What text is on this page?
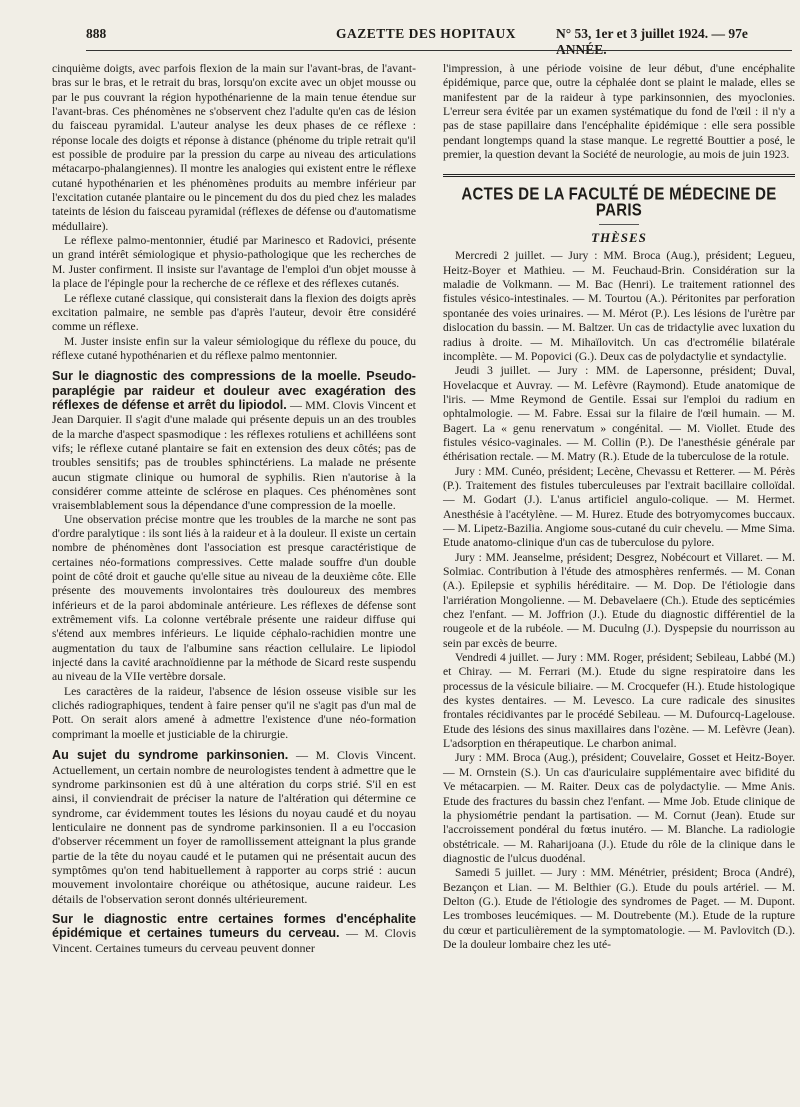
888	GAZETTE DES HOPITAUX	N° 53, 1er et 3 juillet 1924. — 97e ANNÉE.

cinquième doigts, avec parfois flexion de la main sur l'avant-bras, de l'avant-bras sur le bras, et le retrait du bras, lorsqu'on excite avec un objet mousse ou par le pus couvrant la région hypothénarienne de la main tenue étendue sur l'avant-bras. Ces phénomènes ne s'observent chez l'adulte qu'en cas de lésion du faisceau pyramidal. L'auteur analyse les deux phases de ce réflexe : réponse locale des doigts et réponse à distance (phénome du triple retrait qu'il est possible de produire par la pression du carpe au niveau des articulations métacarpo-phalangiennes). Il montre les analogies qui existent entre le réflexe cutané hypothénarien et les phénomènes produits au membre inférieur par l'excitation cutanée plantaire ou le pincement du dos du pied chez les malades tateints de lésion du faisceau pyramidal (réflexes de défense ou d'automatisme médullaire).

Le réflexe palmo-mentonnier, étudié par Marinesco et Radovici, présente un grand intérêt sémiologique et physio-pathologique que les recherches de M. Juster confirment. Il insiste sur l'avantage de l'emploi d'un objet mousse à la place de l'épingle pour la recherche de ce réflexe et des réflexes cutanés.

Le réflexe cutané classique, qui consisterait dans la flexion des doigts après excitation palmaire, ne semble pas d'après l'auteur, devoir être considéré comme un réflexe.

M. Juster insiste enfin sur la valeur sémiologique du réflexe du pouce, du réflexe cutané hypothénarien et du réflexe palmo mentonnier.

Sur le diagnostic des compressions de la moelle. Pseudo-paraplégie par raideur et douleur avec exagération des réflexes de défense et arrêt du lipiodol. — MM. Clovis Vincent et Jean Darquier. Il s'agit d'une malade qui présente depuis un an des troubles de la marche d'aspect spasmodique : les réflexes rotuliens et achilléens sont vifs; le réflexe cutané plantaire se fait en extension des deux côtés; pas de troubles sensitifs; pas de troubles sphinctériens. La malade ne présente aucun stigmate clinique ou humoral de syphilis. Rien n'autorise à la considérer comme atteinte de sclérose en plaques. Ces phénomènes sont vraisemblablement sous la dépendance d'une compression de la moelle.

Une observation précise montre que les troubles de la marche ne sont pas d'ordre paralytique : ils sont liés à la raideur et à la douleur. Il existe un certain nombre de phénomènes dont l'association est presque caractéristique de certaines néo-formations compressives. Cette malade souffre d'un double point de côté droit et gauche qu'elle situe au niveau de la deuxième côte. Elle présente des mouvements involontaires très douloureux des membres inférieurs et de la paroi abdominale antérieure. Les réflexes de défense sont extrêmement vifs. La colonne vertébrale présente une raideur diffuse qui s'étend aux membres inférieurs. Le liquide céphalo-rachidien montre une augmentation du taux de l'albumine sans réaction cellulaire. Le lipiodol injecté dans la cavité arachnoïdienne par la méthode de Sicard reste suspendu au niveau de la VIIe vertèbre dorsale.

Les caractères de la raideur, l'absence de lésion osseuse visible sur les clichés radiographiques, tendent à faire penser qu'il ne s'agit pas d'un mal de Pott. On serait alors amené à admettre l'existence d'une néo-formation comprimant la moelle et justiciable de la chirurgie.

Au sujet du syndrome parkinsonien. — M. Clovis Vincent. Actuellement, un certain nombre de neurologistes tendent à admettre que le syndrome parkinsonien est dû à une altération du corps strié. S'il en est ainsi, il conviendrait de préciser la nature de l'altération qui détermine ce syndrome, car évidemment toutes les lésions du noyau caudé et du noyau lenticulaire ne donnent pas de syndrome parkinsonien. Il a eu l'occasion d'observer récemment un foyer de ramollissement atteignant la plus grande partie de la tête du noyau caudé et le putamen qui ne présentait aucun des symptômes qu'on tend habituellement à rapporter au corps strié : aucun mouvement involontaire choréique ou athétosique, aucune raideur. Les détails de l'observation seront donnés ultérieurement.

Sur le diagnostic entre certaines formes d'encéphalite épidémique et certaines tumeurs du cerveau. — M. Clovis Vincent. Certaines tumeurs du cerveau peuvent donner

l'impression, à une période voisine de leur début, d'une encéphalite épidémique, parce que, outre la céphalée dont se plaint le malade, elles se manifestent par de la raideur à type parkinsonnien, des myoclonies. L'erreur sera évitée par un examen systématique du fond de l'œil : il n'y a pas de stase papillaire dans l'encéphalite épidémique : elle sera possible pendant longtemps quand la stase manque. Le regretté Bouttier a posé, le premier, la question devant la Société de neurologie, au mois de juin 1923.

ACTES DE LA FACULTÉ DE MÉDECINE DE PARIS
THÈSES

Mercredi 2 juillet. — Jury : MM. Broca (Aug.), président; Legueu, Heitz-Boyer et Mathieu. — M. Feuchaud-Brin. Considération sur la maladie de Volkmann. — M. Bac (Henri). Le traitement rationnel des fistules vésico-intestinales. — M. Tourtou (A.). Péritonites par perforation spontanée des voies urinaires. — M. Mérot (P.). Les lésions de l'urètre par dislocation du bassin. — M. Baltzer. Un cas de tridactylie avec luxation du radius à droite. — M. Mihaïlovitch. Un cas d'ectromélie bilatérale incomplète. — M. Popovici (G.). Deux cas de polydactylie et syndactylie.

Jeudi 3 juillet. — Jury : MM. de Lapersonne, président; Duval, Hovelacque et Auvray. — M. Lefèvre (Raymond). Etude anatomique de l'iris. — Mme Reymond de Gentile. Essai sur l'emploi du radium en ophtalmologie. — M. Fabre. Essai sur la filaire de l'œil humain. — M. Bagert. La « genu renervatum » congénital. — M. Viollet. Etude des fistules vésico-vaginales. — M. Collin (P.). De l'anesthésie générale par éthérisation rectale. — M. Matry (R.). Etude de la tuberculose de la rotule.

Jury : MM. Cunéo, président; Lecène, Chevassu et Retterer. — M. Pérès (P.). Traitement des fistules tuberculeuses par l'extrait bacillaire colloïdal. — M. Godart (J.). L'anus artificiel angulo-colique. — M. Hermet. Anesthésie à l'acétylène. — M. Hurez. Etude des botryomycomes buccaux. — M. Lipetz-Bazilia. Angiome sous-cutané du cuir chevelu. — Mme Sima. Etude anatomo-clinique d'un cas de tuberculose du pylore.

Jury : MM. Jeanselme, président; Desgrez, Nobécourt et Villaret. — M. Solmiac. Contribution à l'étude des atmosphères renfermés. — M. Conan (A.). Epilepsie et syphilis héréditaire. — M. Dop. De l'étiologie dans l'arriération Mongolienne. — M. Debavelaere (Ch.). Etude des septicémies chez l'enfant. — M. Joffrion (J.). Etude du diagnostic différentiel de la rougeole et de la rubéole. — M. Duculng (J.). Dyspepsie du nourrisson au sein par excès de beurre.

Vendredi 4 juillet. — Jury : MM. Roger, président; Sebileau, Labbé (M.) et Chiray. — M. Ferrari (M.). Etude du signe respiratoire dans les processus de la vésicule biliaire. — M. Crocquefer (H.). Etude histologique des kystes dentaires. — M. Levesco. La cure radicale des sinusites frontales récidivantes par le procédé Sebileau. — M. Dufourcq-Lagelouse. Etude des lésions des sinus maxillaires dans l'ozène. — M. Lefèvre (Jean). L'adsorption en thérapeutique. Le charbon animal.

Jury : MM. Broca (Aug.), président; Couvelaire, Gosset et Heitz-Boyer. — M. Ornstein (S.). Un cas d'auriculaire supplémentaire avec bifidité du Ve métacarpien. — M. Raiter. Deux cas de polydactylie. — Mme Anis. Etude des fractures du bassin chez l'enfant. — Mme Job. Etude clinique de la physiométrie pendant la partisation. — M. Cornut (Jean). Etude sur l'accroissement pondéral du fœtus inutéro. — M. Blanche. La radiologie obstétricale. — M. Raharijoana (J.). Etude du rôle de la clinique dans le diagnostic de l'ulcus duodénal.

Samedi 5 juillet. — Jury : MM. Ménétrier, président; Broca (André), Bezançon et Lian. — M. Belthier (G.). Etude du pouls artériel. — M. Delton (G.). Etude de l'étiologie des syndromes de Paget. — M. Dupont. Les tromboses leucémiques. — M. Doutrebente (M.). Etude de la rupture du cœur et particulièrement de la symptomatologie. — M. Pavlovitch (D.). De la douleur lombaire chez les uté-
